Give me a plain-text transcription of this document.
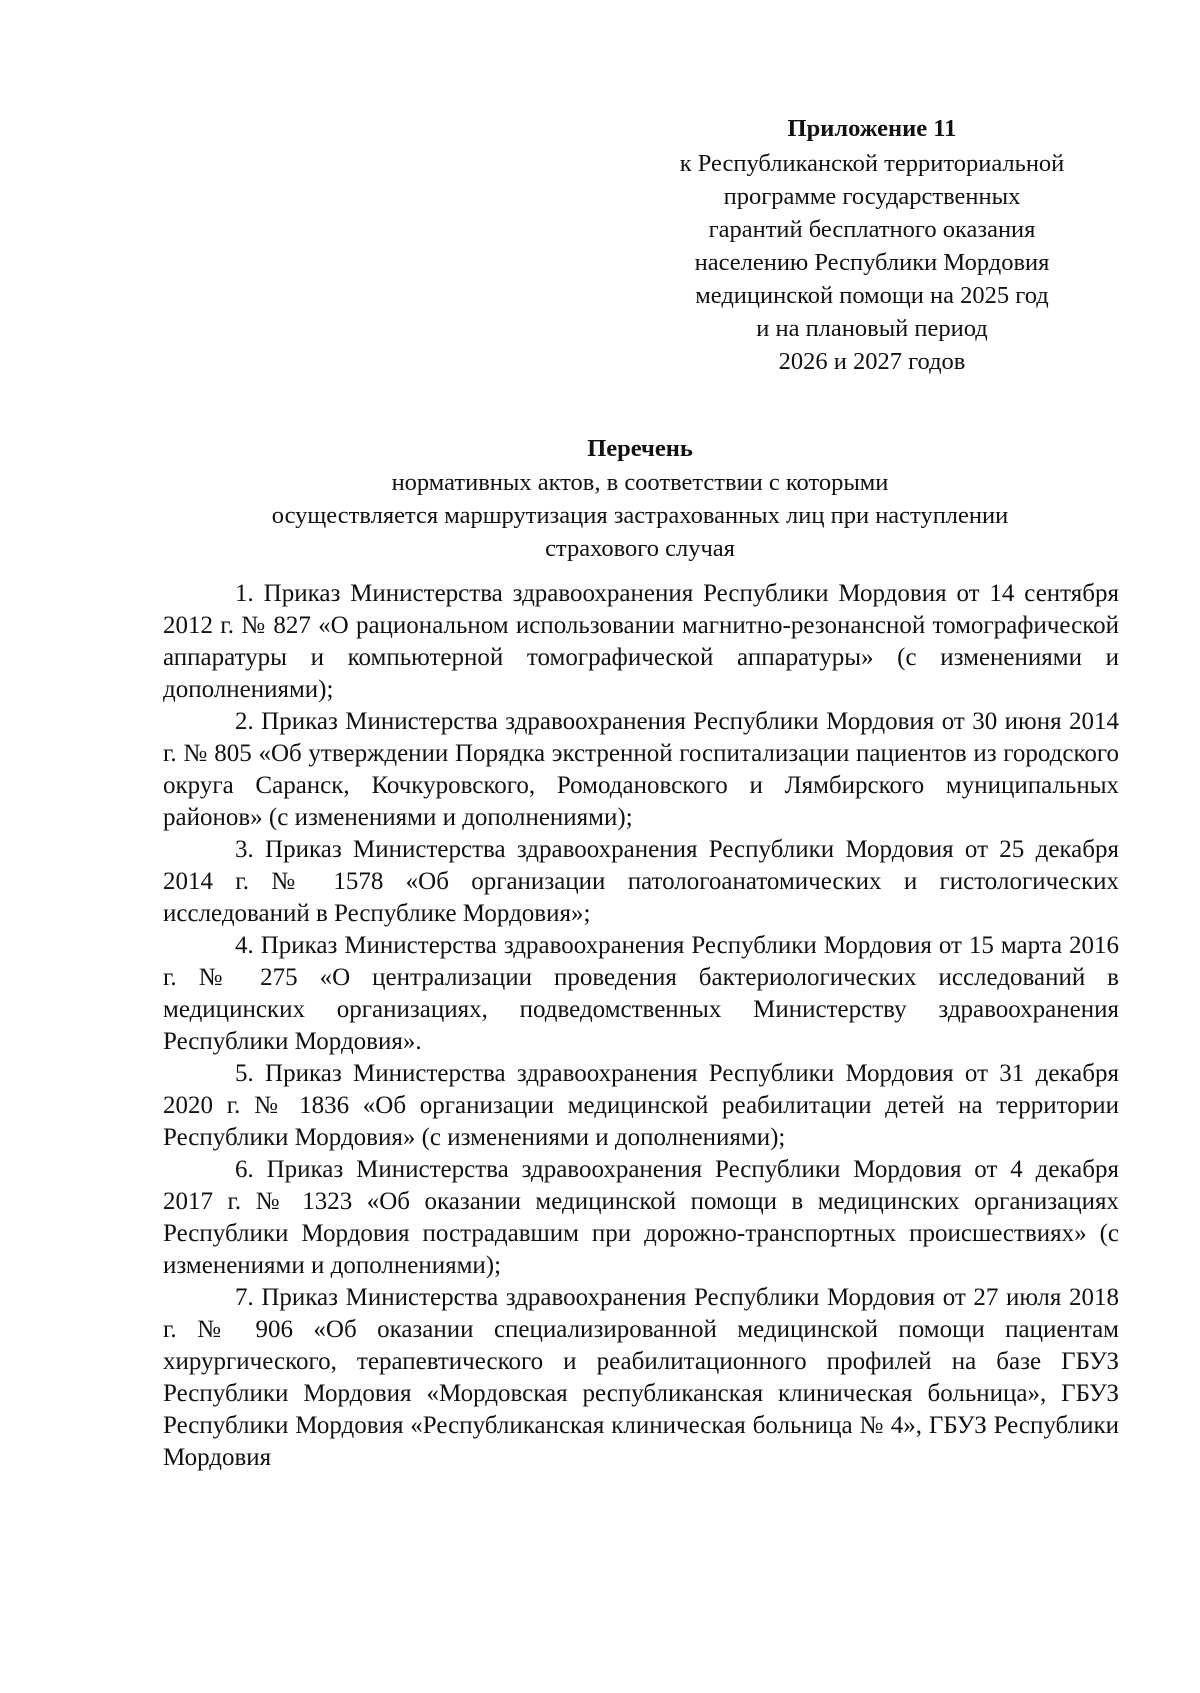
Приложение 11
к Республиканской территориальной
программе государственных
гарантий бесплатного оказания
населению Республики Мордовия
медицинской помощи на 2025 год
и на плановый период
2026 и 2027 годов
Перечень
нормативных актов, в соответствии с которыми
осуществляется маршрутизация застрахованных лиц при наступлении
страхового случая

1. Приказ Министерства здравоохранения Республики Мордовия от 14 сентября 2012 г. № 827 «О рациональном использовании магнитно-резонансной томографической аппаратуры и компьютерной томографической аппаратуры» (с изменениями и дополнениями);

2. Приказ Министерства здравоохранения Республики Мордовия от 30 июня 2014 г. № 805 «Об утверждении Порядка экстренной госпитализации пациентов из городского округа Саранск, Кочкуровского, Ромодановского и Лямбирского муниципальных районов» (с изменениями и дополнениями);

3. Приказ Министерства здравоохранения Республики Мордовия от 25 декабря 2014 г. № 1578 «Об организации патологоанатомических и гистологических исследований в Республике Мордовия»;

4. Приказ Министерства здравоохранения Республики Мордовия от 15 марта 2016 г. № 275 «О централизации проведения бактериологических исследований в медицинских организациях, подведомственных Министерству здравоохранения Республики Мордовия».

5. Приказ Министерства здравоохранения Республики Мордовия от 31 декабря 2020 г. № 1836 «Об организации медицинской реабилитации детей на территории Республики Мордовия» (с изменениями и дополнениями);

6. Приказ Министерства здравоохранения Республики Мордовия от 4 декабря 2017 г. № 1323 «Об оказании медицинской помощи в медицинских организациях Республики Мордовия пострадавшим при дорожно-транспортных происшествиях» (с изменениями и дополнениями);

7. Приказ Министерства здравоохранения Республики Мордовия от 27 июля 2018 г. № 906 «Об оказании специализированной медицинской помощи пациентам хирургического, терапевтического и реабилитационного профилей на базе ГБУЗ Республики Мордовия «Мордовская республиканская клиническая больница», ГБУЗ Республики Мордовия «Республиканская клиническая больница № 4», ГБУЗ Республики Мордовия
